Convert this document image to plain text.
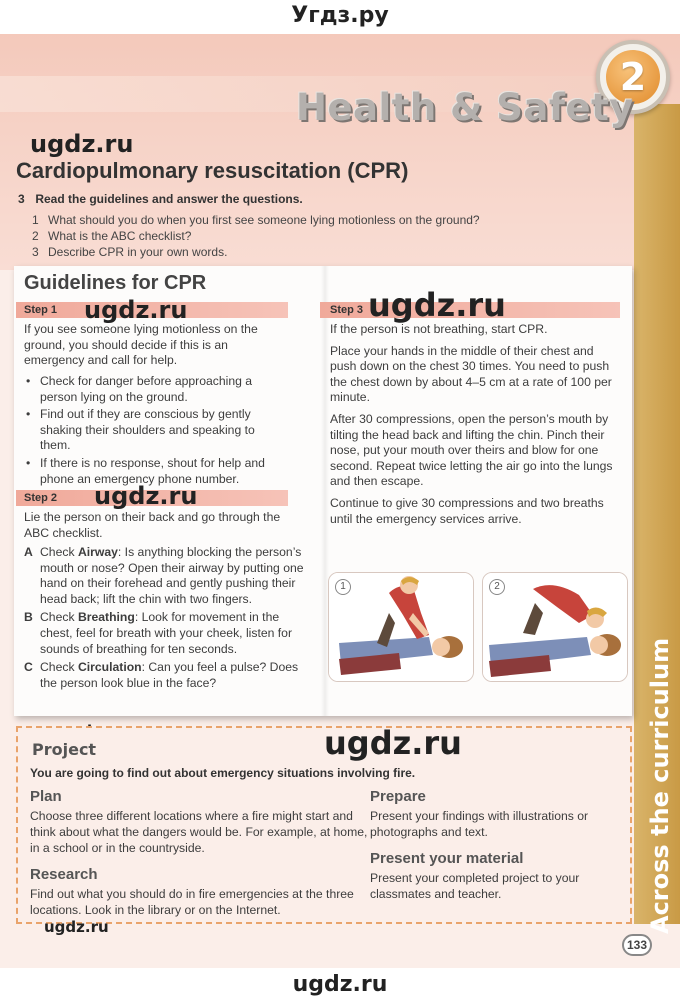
Угдз.ру
Across the curriculum
2
Health & Safety
ugdz.ru
Cardiopulmonary resuscitation (CPR)
3 Read the guidelines and answer the questions.
1 What should you do when you first see someone lying motionless on the ground?
2 What is the ABC checklist?
3 Describe CPR in your own words.
Guidelines for CPR
Step 1	ugdz.ru
If you see someone lying motionless on the ground, you should decide if this is an emergency and call for help.
• Check for danger before approaching a person lying on the ground.
• Find out if they are conscious by gently shaking their shoulders and speaking to them.
• If there is no response, shout for help and phone an emergency phone number.
Step 2	ugdz.ru
Lie the person on their back and go through the ABC checklist.
A Check Airway: Is anything blocking the person’s mouth or nose? Open their airway by putting one hand on their forehead and gently pushing their head back; lift the chin with two fingers.
B Check Breathing: Look for movement in the chest, feel for breath with your cheek, listen for sounds of breathing for ten seconds.
C Check Circulation: Can you feel a pulse? Does the person look blue in the face?
Step 3 ugdz.ru

If the person is not breathing, start CPR.

Place your hands in the middle of their chest and push down on the chest 30 times. You need to push the chest down by about 4–5 cm at a rate of 100 per minute.

After 30 compressions, open the person’s mouth by tilting the head back and lifting the chin. Pinch their nose, put your mouth over theirs and blow for one second. Repeat twice letting the air go into the lungs and then escape.

Continue to give 30 compressions and two breaths until the emergency services arrive.

1	2
Project	ugdz.ru
You are going to find out about emergency situations involving fire.
Plan
Choose three different locations where a fire might start and think about what the dangers would be. For example, at home, in a school or in the countryside.
Research
Find out what you should do in fire emergencies at the three locations. Look in the library or on the Internet.
Prepare
Present your findings with illustrations or photographs and text.
Present your material
Present your completed project to your classmates and teacher.
ugdz.ru
133
ugdz.ru
